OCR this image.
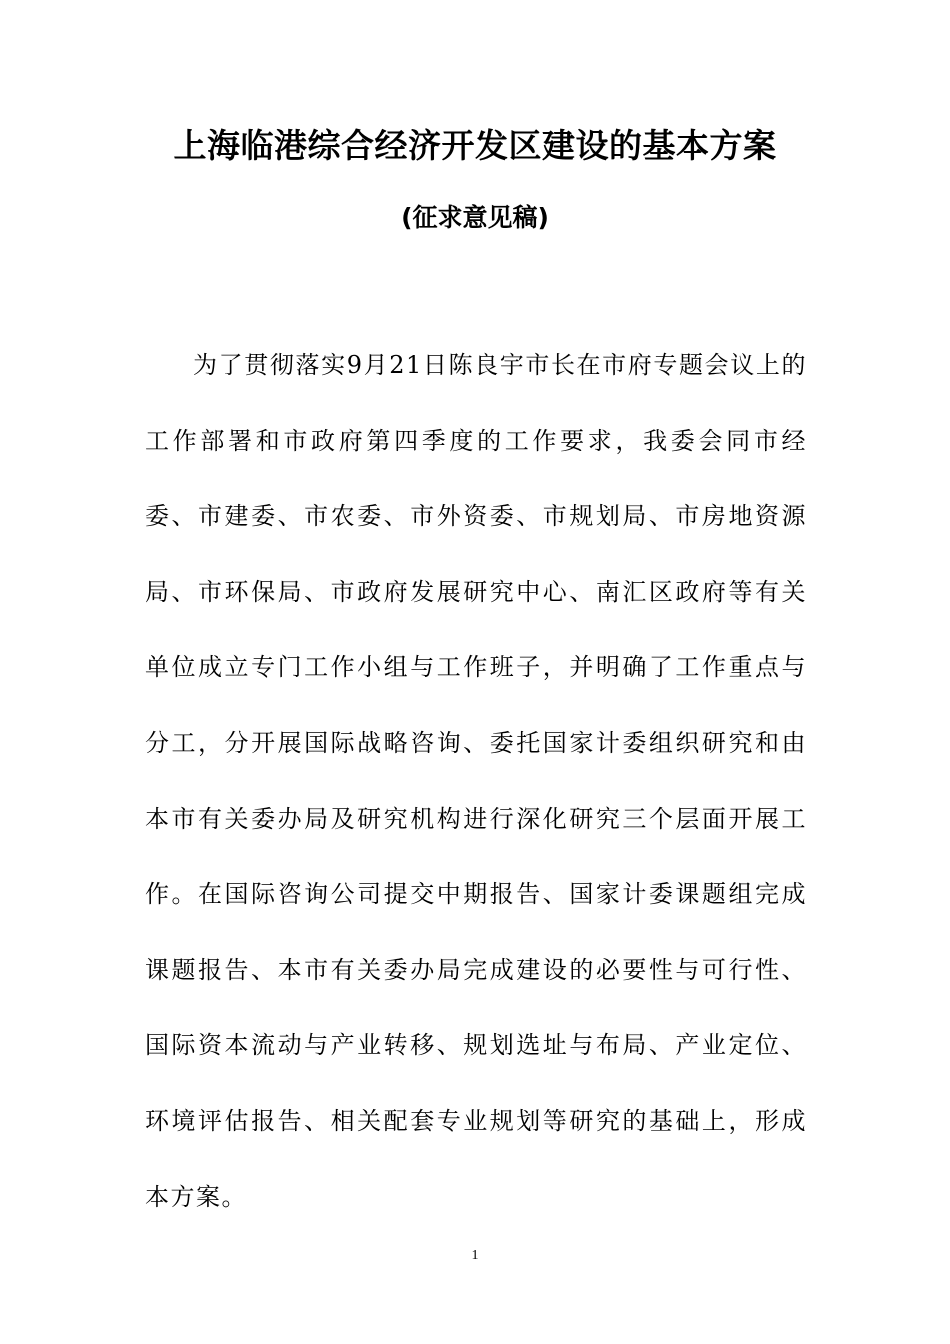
上海临港综合经济开发区建设的基本方案
(征求意见稿)

为了贯彻落实9月21日陈良宇市长在市府专题会议上的工作部署和市政府第四季度的工作要求，我委会同市经委、市建委、市农委、市外资委、市规划局、市房地资源局、市环保局、市政府发展研究中心、南汇区政府等有关单位成立专门工作小组与工作班子，并明确了工作重点与分工，分开展国际战略咨询、委托国家计委组织研究和由本市有关委办局及研究机构进行深化研究三个层面开展工作。在国际咨询公司提交中期报告、国家计委课题组完成课题报告、本市有关委办局完成建设的必要性与可行性、国际资本流动与产业转移、规划选址与布局、产业定位、环境评估报告、相关配套专业规划等研究的基础上，形成本方案。

1
